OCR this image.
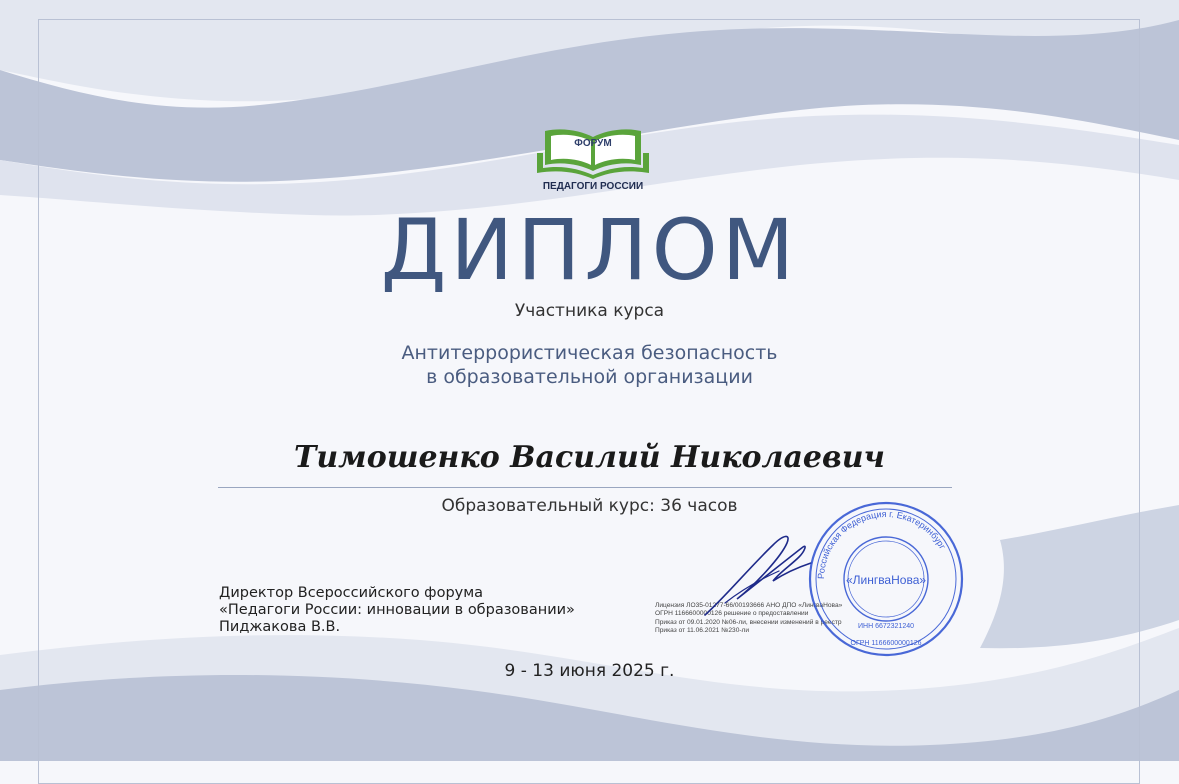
ФОРУМ
ПЕДАГОГИ РОССИИ
ДИПЛОМ
Участника курса
Антитеррористическая безопасность
в образовательной организации
Тимошенко Василий Николаевич
Образовательный курс: 36 часов
Директор Всероссийского форума
«Педагоги России: инновации в образовании»
Пиджакова В.В.
Лицензия ЛО35-01277-66/00193666 АНО ДПО «ЛингваНова»
ОГРН 1166600000126 решение о предоставлении
Приказ от 09.01.2020 №06-ли, внесении изменений в реестр
Приказ от 11.06.2021 №230-ли
Российская Федерация г. Екатеринбург
«ЛингваНова»
ИНН 6672321240
ОГРН 1166600000126
9 - 13 июня 2025 г.
